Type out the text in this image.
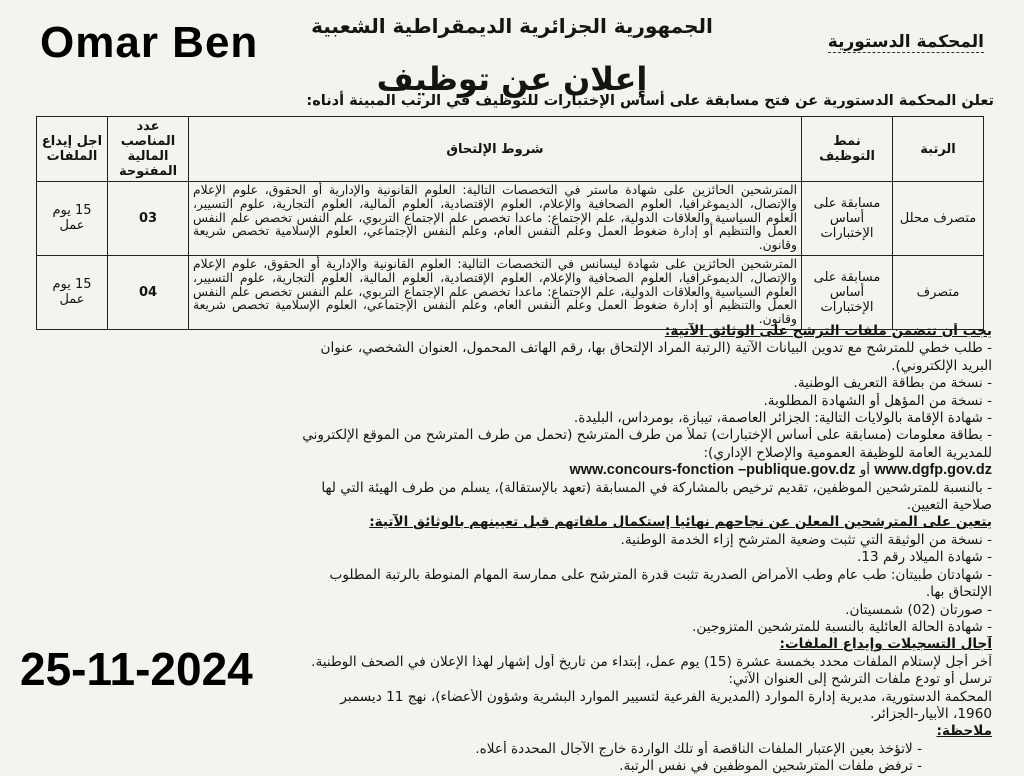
Omar Ben	الجمهورية الجزائرية الديمقراطية الشعبية
المحكمة الدستورية
إعلان عن توظيف
تعلن المحكمة الدستورية عن فتح مسابقة على أساس الإختبارات للتوظيف في الرتب المبينة أدناه:
الرتبة	نمط التوظيف	شروط الإلتحاق	عدد المناصب المالية المفتوحة	اجل إيداع الملفات
متصرف محلل	مسابقة على أساس الإختبارات	المترشحين الحائزين على شهادة ماستر في التخصصات التالية: العلوم القانونية والإدارية أو الحقوق، علوم الإعلام والإتصال، الديموغرافيا، العلوم الصحافية والإعلام، العلوم الإقتصادية، العلوم المالية، العلوم التجارية، علوم التسيير، العلوم السياسية والعلاقات الدولية، علم الإجتماع: ماعدا تخصص علم الإجتماع التربوي، علم النفس تخصص علم النفس العمل والتنظيم أو إدارة ضغوط العمل وعلم النفس العام، وعلم النفس الإجتماعي، العلوم الإسلامية تخصص شريعة وقانون.	03	15 يوم عمل
متصرف	مسابقة على أساس الإختبارات	المترشحين الحائزين على شهادة ليسانس في التخصصات التالية: العلوم القانونية والإدارية أو الحقوق، علوم الإعلام والإتصال، الديموغرافيا، العلوم الصحافية والإعلام، العلوم الإقتصادية، العلوم المالية، العلوم التجارية، علوم التسيير، العلوم السياسية والعلاقات الدولية، علم الإجتماع: ماعدا تخصص علم الإجتماع التربوي، علم النفس تخصص علم النفس العمل والتنظيم أو إدارة ضغوط العمل وعلم النفس العام، وعلم النفس الإجتماعي، العلوم الإسلامية تخصص شريعة وقانون.	04	15 يوم عمل
يجب أن تتضمن ملفات الترشح على الوثائق الآتية:
- طلب خطي للمترشح مع تدوين البيانات الآتية (الرتبة المراد الإلتحاق بها، رقم الهاتف المحمول، العنوان الشخصي، عنوان
البريد الإلكتروني).
- نسخة من بطاقة التعريف الوطنية.
- نسخة من المؤهل أو الشهادة المطلوبة.
- شهادة الإقامة بالولايات التالية: الجزائر العاصمة، تيبازة، بومرداس، البليدة.
- بطاقة معلومات (مسابقة على أساس الإختبارات) تملأ من طرف المترشح (تحمل من طرف المترشح من الموقع الإلكتروني
للمديرية العامة للوظيفة العمومية والإصلاح الإداري):
www.dgfp.gov.dz أو www.concours-fonction –publique.gov.dz
- بالنسبة للمترشحين الموظفين، تقديم ترخيص بالمشاركة في المسابقة (تعهد بالإستقالة)، يسلم من طرف الهيئة التي لها
صلاحية التعيين.
يتعين على المترشحين المعلن عن نجاحهم نهائيا إستكمال ملفاتهم قبل تعيينهم بالوثائق الآتية:
- نسخة من الوثيقة التي تثبت وضعية المترشح إزاء الخدمة الوطنية.
- شهادة الميلاد رقم 13.
- شهادتان طبيتان: طب عام وطب الأمراض الصدرية تثبت قدرة المترشح على ممارسة المهام المنوطة بالرتبة المطلوب
الإلتحاق بها.
- صورتان (02) شمسيتان.
- شهادة الحالة العائلية بالنسبة للمترشحين المتزوجين.
آجال التسجيلات وإيداع الملفات:
آخر أجل لإستلام الملفات محدد بخمسة عشرة (15) يوم عمل، إبتداء من تاريخ أول إشهار لهذا الإعلان في الصحف الوطنية.
ترسل أو تودع ملفات الترشح إلى العنوان الآتي:
المحكمة الدستورية، مديرية إدارة الموارد (المديرية الفرعية لتسيير الموارد البشرية وشؤون الأعضاء)، نهج 11 ديسمبر
1960، الأبيار-الجزائر.
ملاحظة:
- لاتؤخذ بعين الإعتبار الملفات الناقصة أو تلك الواردة خارج الآجال المحددة أعلاه.
- ترفض ملفات المترشحين الموظفين في نفس الرتبة.
25-11-2024
